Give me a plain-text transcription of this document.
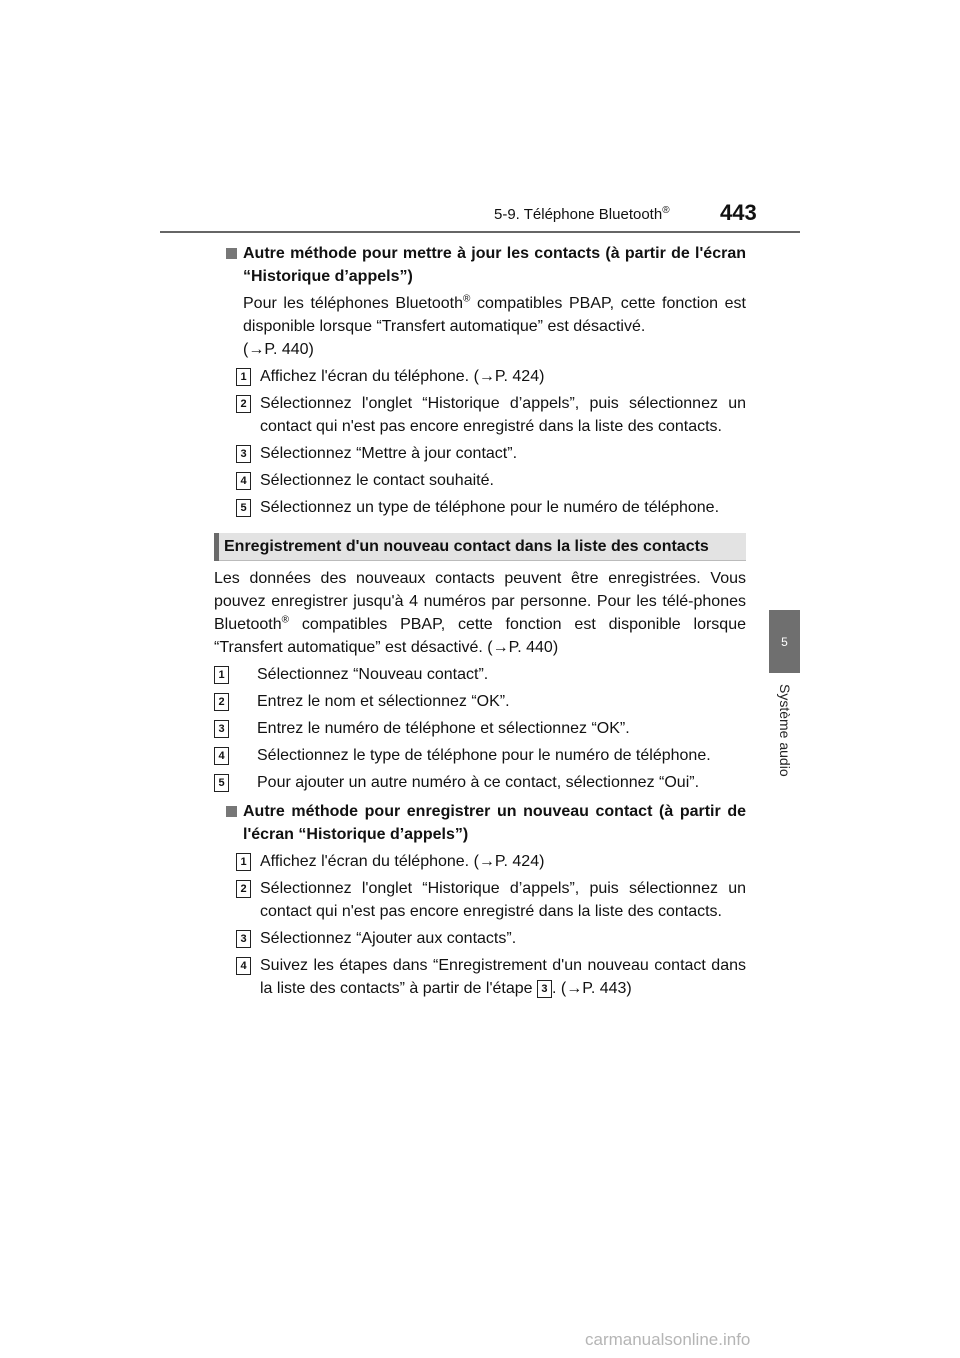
5-9. Téléphone Bluetooth® 443
5
Système audio
Autre méthode pour mettre à jour les contacts (à partir de l'écran “Historique d’appels”)
Pour les téléphones Bluetooth® compatibles PBAP, cette fonction est disponible lorsque “Transfert automatique” est désactivé.
(→P. 440)
1 Affichez l'écran du téléphone. (→P. 424)
2 Sélectionnez l'onglet “Historique d’appels”, puis sélectionnez un contact qui n'est pas encore enregistré dans la liste des contacts.
3 Sélectionnez “Mettre à jour contact”.
4 Sélectionnez le contact souhaité.
5 Sélectionnez un type de téléphone pour le numéro de téléphone.
Enregistrement d'un nouveau contact dans la liste des contacts
Les données des nouveaux contacts peuvent être enregistrées. Vous pouvez enregistrer jusqu'à 4 numéros par personne. Pour les télé-phones Bluetooth® compatibles PBAP, cette fonction est disponible lorsque “Transfert automatique” est désactivé. (→P. 440)
1 Sélectionnez “Nouveau contact”.
2 Entrez le nom et sélectionnez “OK”.
3 Entrez le numéro de téléphone et sélectionnez “OK”.
4 Sélectionnez le type de téléphone pour le numéro de téléphone.
5 Pour ajouter un autre numéro à ce contact, sélectionnez “Oui”.
Autre méthode pour enregistrer un nouveau contact (à partir de l'écran “Historique d’appels”)
1 Affichez l'écran du téléphone. (→P. 424)
2 Sélectionnez l'onglet “Historique d’appels”, puis sélectionnez un contact qui n'est pas encore enregistré dans la liste des contacts.
3 Sélectionnez “Ajouter aux contacts”.
4 Suivez les étapes dans “Enregistrement d'un nouveau contact dans la liste des contacts” à partir de l'étape 3 . (→P. 443)
carmanualsonline.info
